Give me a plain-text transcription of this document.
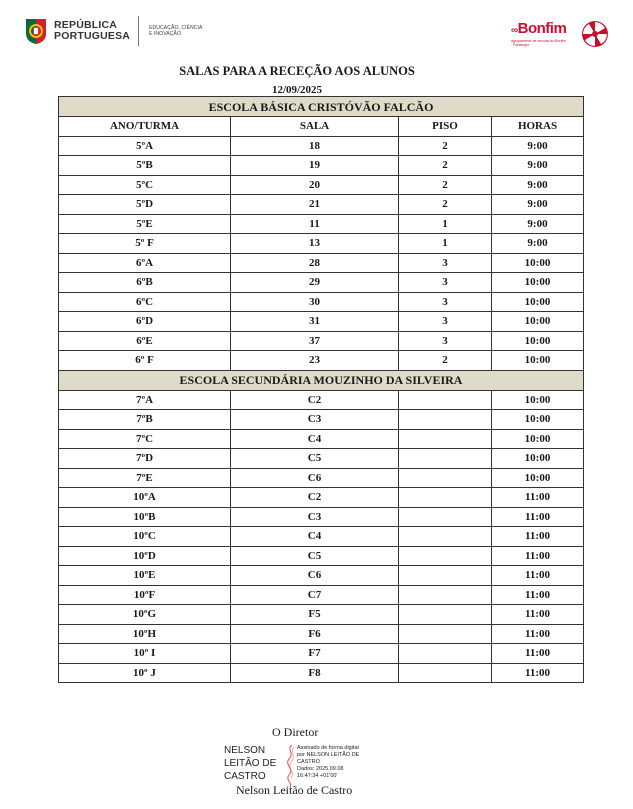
REPÚBLICA
PORTUGUESA
EDUCAÇÃO, CIÊNCIA
E INOVAÇÃO	∞Bonfim
agrupamento de escolas do Bonfim · Portalegre
SALAS PARA A RECEÇÃO AOS ALUNOS
12/09/2025
ESCOLA BÁSICA CRISTÓVÃO FALCÃO			
ANO/TURMA	SALA	PISO	HORAS
5ºA	18	2	9:00
5ºB	19	2	9:00
5ºC	20	2	9:00
5ºD	21	2	9:00
5ºE	11	1	9:00
5º F	13	1	9:00
6ºA	28	3	10:00
6ºB	29	3	10:00
6ºC	30	3	10:00
6ºD	31	3	10:00
6ºE	37	3	10:00
6º F	23	2	10:00
ESCOLA SECUNDÁRIA MOUZINHO DA SILVEIRA			
7ºA	C2		10:00
7ºB	C3		10:00
7ºC	C4		10:00
7ºD	C5		10:00
7ºE	C6		10:00
10ºA	C2		11:00
10ºB	C3		11:00
10ºC	C4		11:00
10ºD	C5		11:00
10ºE	C6		11:00
10ºF	C7		11:00
10ºG	F5		11:00
10ºH	F6		11:00
10º I	F7		11:00
10º J	F8		11:00
O Diretor
NELSON
LEITÃO DE
CASTRO
Assinado de forma digital
por NELSON LEITÃO DE
CASTRO
Dados: 2025.09.08
16:47:34 +01'00'
Nelson Leitão de Castro
